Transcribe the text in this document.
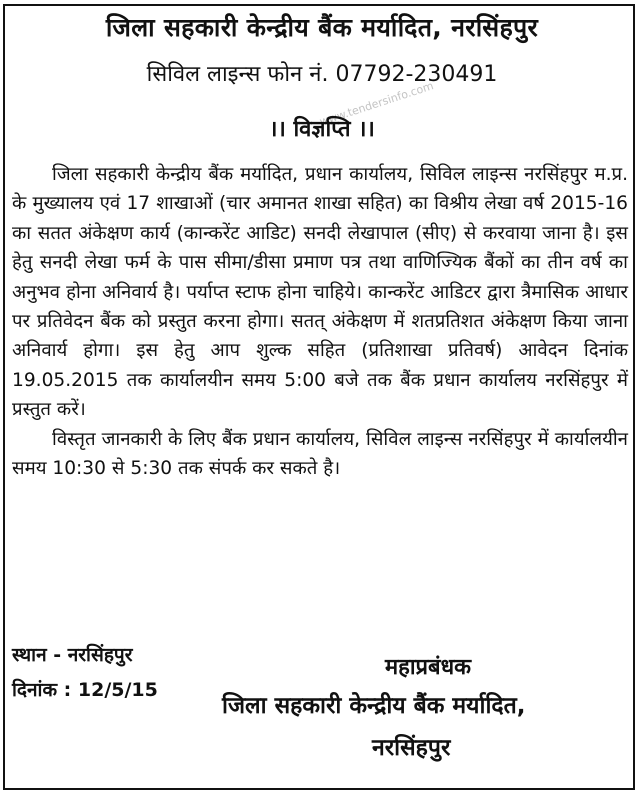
जिला सहकारी केन्द्रीय बैंक मर्यादित, नरसिंहपुर
सिविल लाइन्स फोन नं. 07792-230491
www.tendersinfo.com
।। विज्ञप्ति ।।

जिला सहकारी केन्द्रीय बैंक मर्यादित, प्रधान कार्यालय, सिविल लाइन्स नरसिंहपुर म.प्र. के मुख्यालय एवं 17 शाखाओं (चार अमानत शाखा सहित) का विश्रीय लेखा वर्ष 2015-16 का सतत अंकेक्षण कार्य (कान्करेंट आडिट) सनदी लेखापाल (सीए) से करवाया जाना है। इस हेतु सनदी लेखा फर्म के पास सीमा/डीसा प्रमाण पत्र तथा वाणिज्यिक बैंकों का तीन वर्ष का अनुभव होना अनिवार्य है। पर्याप्त स्टाफ होना चाहिये। कान्करेंट आडिटर द्वारा त्रैमासिक आधार पर प्रतिवेदन बैंक को प्रस्तुत करना होगा। सतत् अंकेक्षण में शतप्रतिशत अंकेक्षण किया जाना अनिवार्य होगा। इस हेतु आप शुल्क सहित (प्रतिशाखा प्रतिवर्ष) आवेदन दिनांक 19.05.2015 तक कार्यालयीन समय 5:00 बजे तक बैंक प्रधान कार्यालय नरसिंहपुर में प्रस्तुत करें।

विस्तृत जानकारी के लिए बैंक प्रधान कार्यालय, सिविल लाइन्स नरसिंहपुर में कार्यालयीन समय 10:30 से 5:30 तक संपर्क कर सकते है।

स्थान - नरसिंहपुर
दिनांक : 12/5/15
महाप्रबंधक
जिला सहकारी केन्द्रीय बैंक मर्यादित,
नरसिंहपुर
